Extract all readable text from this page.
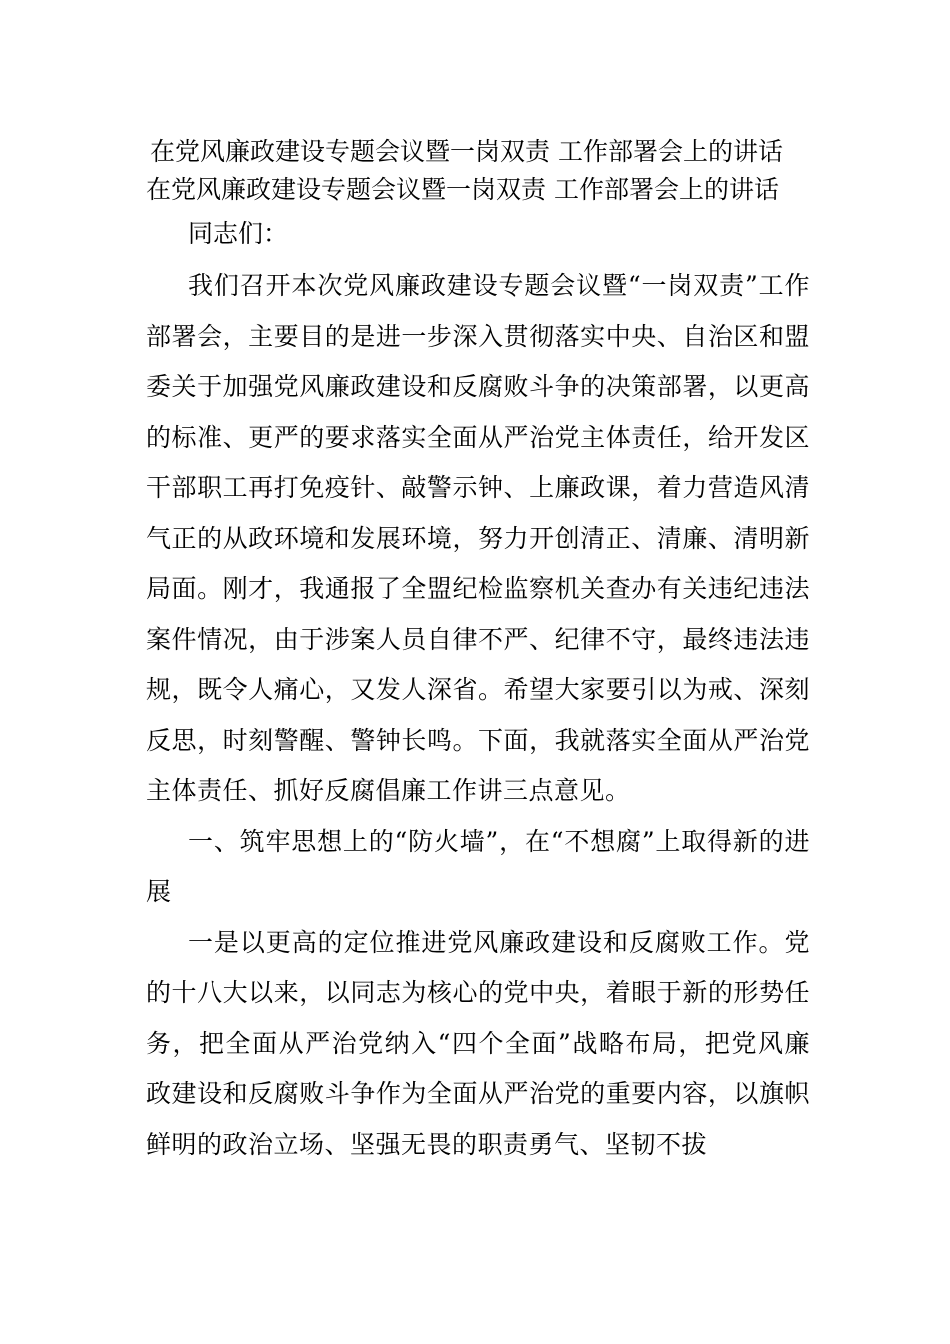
在党风廉政建设专题会议暨一岗双责 工作部署会上的讲话

在党风廉政建设专题会议暨一岗双责 工作部署会上的讲话

同志们：

我们召开本次党风廉政建设专题会议暨“一岗双责”工作部署会，主要目的是进一步深入贯彻落实中央、自治区和盟委关于加强党风廉政建设和反腐败斗争的决策部署，以更高的标准、更严的要求落实全面从严治党主体责任，给开发区干部职工再打免疫针、敲警示钟、上廉政课，着力营造风清气正的从政环境和发展环境，努力开创清正、清廉、清明新局面。刚才，我通报了全盟纪检监察机关查办有关违纪违法案件情况，由于涉案人员自律不严、纪律不守，最终违法违规，既令人痛心，又发人深省。希望大家要引以为戒、深刻反思，时刻警醒、警钟长鸣。下面，我就落实全面从严治党主体责任、抓好反腐倡廉工作讲三点意见。

一、筑牢思想上的“防火墙”，在“不想腐”上取得新的进展

一是以更高的定位推进党风廉政建设和反腐败工作。党的十八大以来，以同志为核心的党中央，着眼于新的形势任务，把全面从严治党纳入“四个全面”战略布局，把党风廉政建设和反腐败斗争作为全面从严治党的重要内容，以旗帜鲜明的政治立场、坚强无畏的职责勇气、坚韧不拔
